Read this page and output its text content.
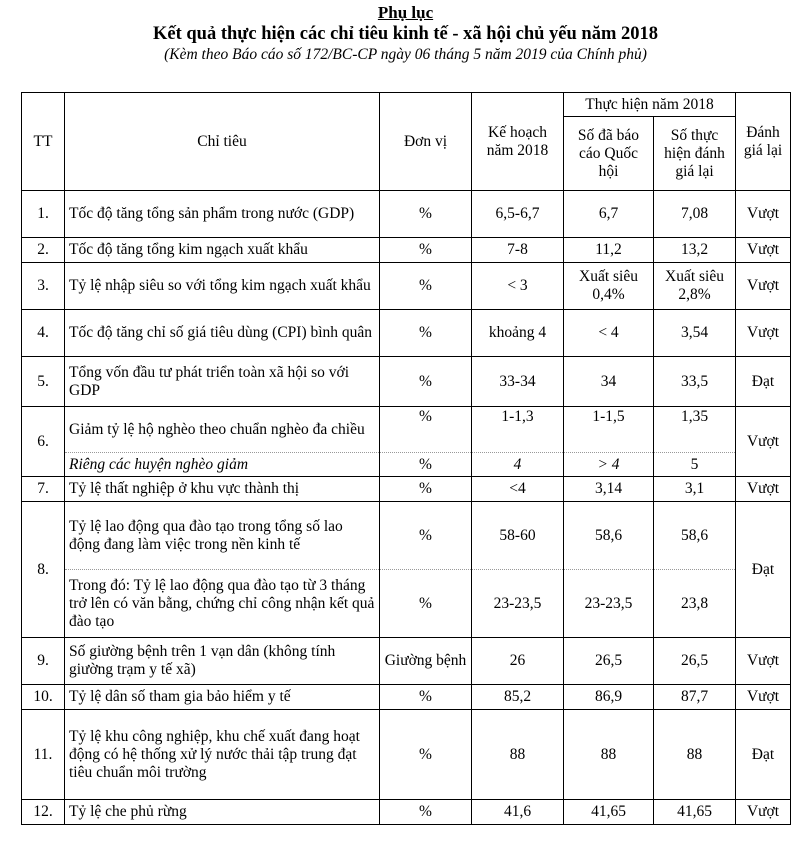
Phụ lục
Kết quả thực hiện các chỉ tiêu kinh tế - xã hội chủ yếu năm 2018
(Kèm theo Báo cáo số 172/BC-CP ngày 06 tháng 5 năm 2019 của Chính phủ)
TT	Chỉ tiêu	Đơn vị	Kế hoạch năm 2018	Thực hiện năm 2018		Đánh giá lại
				Số đã báo cáo Quốc hội	Số thực hiện đánh giá lại	
1.	Tốc độ tăng tổng sản phẩm trong nước (GDP)	%	6,5-6,7	6,7	7,08	Vượt
2.	Tốc độ tăng tổng kim ngạch xuất khẩu	%	7-8	11,2	13,2	Vượt
3.	Tỷ lệ nhập siêu so với tổng kim ngạch xuất khẩu	%	< 3	Xuất siêu 0,4%	Xuất siêu 2,8%	Vượt
4.	Tốc độ tăng chỉ số giá tiêu dùng (CPI) bình quân	%	khoảng 4	< 4	3,54	Vượt
5.	Tổng vốn đầu tư phát triển toàn xã hội so với GDP	%	33-34	34	33,5	Đạt
6.	Giảm tỷ lệ hộ nghèo theo chuẩn nghèo đa chiều	%	1-1,3	1-1,5	1,35	Vượt
	Riêng các huyện nghèo giảm	%	4	> 4	5	
7.	Tỷ lệ thất nghiệp ở khu vực thành thị	%	<4	3,14	3,1	Vượt
8.	Tỷ lệ lao động qua đào tạo trong tổng số lao động đang làm việc trong nền kinh tế	%	58-60	58,6	58,6	Đạt
	Trong đó: Tỷ lệ lao động qua đào tạo từ 3 tháng trở lên có văn bằng, chứng chỉ công nhận kết quả đào tạo	%	23-23,5	23-23,5	23,8	
9.	Số giường bệnh trên 1 vạn dân (không tính giường trạm y tế xã)	Giường bệnh	26	26,5	26,5	Vượt
10.	Tỷ lệ dân số tham gia bảo hiểm y tế	%	85,2	86,9	87,7	Vượt
11.	Tỷ lệ khu công nghiệp, khu chế xuất đang hoạt động có hệ thống xử lý nước thải tập trung đạt tiêu chuẩn môi trường	%	88	88	88	Đạt
12.	Tỷ lệ che phủ rừng	%	41,6	41,65	41,65	Vượt
